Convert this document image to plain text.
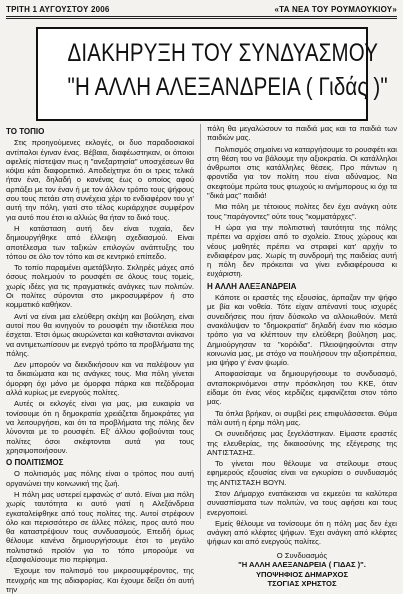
ΤΡΙΤΗ 1 ΑΥΓΟΥΣΤΟΥ 2006	«ΤΑ ΝΕΑ ΤΟΥ ΡΟΥΜΛΟΥΚΙΟΥ»
ΔΙΑΚΗΡΥΞΗ ΤΟΥ ΣΥΝΔΥΑΣΜΟΥ
"Η ΑΛΛΗ ΑΛΕΞΑΝΔΡΕΙΑ ( Γιδάς )"
ΤΟ ΤΟΠΙΟ

Στις προηγούμενες εκλογές, οι δυο παραδοσιακοί αντίπαλοι έγιναν ένας. Βέβαια, διαφέωστηκαν, οι όποιοι αφελείς πίστεψαν πως η "ανεξαρτησία" υποσχέσεων θα κόψει κάτι διαφορετικό. Αποδείχτηκε ότι οι τρεις τελικά ήταν ένα, δηλαδή ο κανένας έως ο οποίος αφού αρπάξει με τον έναν ή με τον άλλον τρόπο τους ψήφους σου τους πετάει στη συνέχεια χέρι το ενδιαφέρον του γι' αυτή την πόλη, γιατί στο τέλος κυριάρχησε συμφέρον για αυτό που έτσι κι αλλιώς θα ήταν το δικό τους.

Η κατάσταση αυτή δεν είναι τυχαία, δεν δημιουργήθηκε από έλλειψη σχεδιασμού. Είναι αποτέλεσμα των ταξικών επιλογών ανάπτυξης του τόπου σε όλο τον τόπο και σε κεντρικό επίπεδο.

Το τοπίο παραμένει αμετάβλητο. Σκληρές μάχες από όσους πολεμούν το ρουσφέτι σε όλους τους τομείς, χωρίς ιδέες για τις πραγματικές ανάγκες των πολιτών. Οι πολίτες σύρονται στο μικροσυμφέρον ή στο κομματικό καθήκον.

Αντί να είναι μια ελεύθερη σκέψη και βούληση, είναι αυτοί που θα κινηγούν το ρουσφέτι την ιδιοτέλεια που έσχεται. Έτσι όμως ακυρώνεται και καθιστανται ανίκανοι να αντιμετωπίσουν με ενεργό τρόπο τα προβλήματα της πόλης.

Δεν μπορούν να διεκδικήσουν και να παλέψουν για τα δικαιώματα και τις ανάγκες τους. Μια πόλη γίνεται όμορφη όχι μόνο με όμορφα πάρκα και πεζόδρομια αλλά κυρίως με ενεργούς πολίτες.

Αυτές οι εκλογές είναι για μας, μια ευκαιρία να τονίσουμε ότι η δημοκρατία χρειάζεται δημοκράτες για να λειτουργήσει, και ότι τα προβλήματα της πόλης δεν λύνονται με το ρουσφέτι. Εξ' άλλου φοβούνται τους πολίτες όσοι σκέφτονται αυτά για τους χρησιμοποιήσουν.

Ο ΠΟΛΙΤΙΣΜΟΣ

Ο πολιτισμός μας πόλης είναι ο τρόπος που αυτή οργανώνει την κοινωνική της ζωή.

Η πόλη μας υστερεί εμφανώς σ' αυτό. Είναι μια πόλη χωρίς ταυτότητα κι αυτό γιατί η Αλεξάνδρεια εγκαταλείφθηκε από τους πολίτες της. Αυτοί στρέφουν όλο και περισσότερο σε άλλες πόλεις, προς αυτό που θα καταστρέψουν τους συνδυασμούς. Επειδή όμως θέλουμε κανένα δημιουργήσουμε έτσι το μεγάλο πολιτιστικό προϊόν για το τόπο μπορούμε να εξασφαλίσουμε πιο περίφημα.

Έχουμε τον πολιτισμό του μικροσυμφέροντος, της πενιχρής και της αδιαφορίας. Και έχουμε δείξει ότι αυτή την

πόλη θα μεγαλώσουν τα παιδιά μας και τα παιδιά των παιδιών μας.

Πολιτισμός σημαίνει να καταργήσουμε το ρουσφέτι και στη θέση του να βάλουμε την αξιοκρατία. Οι κατάλληλοι άνθρωποι στις κατάλληλες θέσεις. Προ πάντων η φροντίδα για τον πολίτη που είναι αδύναμος. Να σκεφτούμε πρώτα τους φτωχούς κι ανήμπορους κι όχι τα "δικά μας" παιδιά!

Μια πόλη με τέτοιους πολίτες δεν έχει ανάγκη ούτε τους "παράγοντες" ούτε τους "κομματάρχες".

Η ώρα για την πολιτιστική ταυτότητα της πόλης πρέπει να αρχίσει από το σχολείο. Στους χώρους και νέους μαθητές πρέπει να στραφεί κατ' αρχήν το ενδιαφέρον μας. Χωρίς τη συνδρομή της παιδείας αυτή η πόλη δεν πρόκειται να γίνει ενδιαφέρουσα κι ευχάριστη.

Η ΑΛΛΗ ΑΛΕΞΑΝΔΡΕΙΑ

Κάποτε οι εραστές της εξουσίας, άρπαζαν την ψήφο με βία και νοθεία. Τότε είχαν απέναντί τους ισχυρές συνειδήσεις που ήταν δύσκολο να αλλοιωθούν. Μετά ανακάλυψαν το "δημοκρατία" δηλαδή έναν πιο κόσμιο τρόπο για να κλέπτουν την ελεύθερη βούληση μας. Δημιούργησαν τα "κορόιδα". Πλειοψηφούνται στην κοινωνία μας, με στόχο να πουλήσουν την αξιοπρέπεια, μια ψήφο γ' έναν ψωμίο.

Αποφασίσαμε να δημιουργήσουμε το συνδυασμό, ανταποκρινόμενοι στην πρόσκληση του ΚΚΕ, όταν είδαμε ότι ένας νέος κερδίζεις εμφανίζεται στον τόπο μας.

Τα όπλα βρήκαν, οι συμβεί ρεις επιφυλάσσεται. Θύμα πάλι αυτή η έρημ πόλη μας.

Οι συνειδήσεις μας ξεγελάστηκαν. Είμαστε εραστές της ελευθερίας, της δικαιοσύνης της εξέγερσης της ΑΝΤΙΣΤΑΣΗΣ.

Το γίνεται που θέλουμε να στείλουμε στους εφημερούς εξουσίας είναι να εγκυρίσει ο συνδυασμός της ΑΝΤΙΣΤΑΣΗ ΒΟΥΝ.

Στον Δήμαρχο ενατάκεισαι να εκμεεύει τα καλύτερα συνασπίσματα των πολιτών, να τους αφήσει και τους ενεργοποιεί.

Εμείς θέλουμε να τονίσουμε ότι η πόλη μας δεν έχει ανάγκη από κλέφτες ψήφων. Έχει ανάγκη από κλέφτες ψήφων και από ενεργούς πολίτες.

Ο Συνδυασμός
"Η ΑΛΛΗ ΑΛΕΞΑΝΔΡΕΙΑ ( ΓΙΔΑΣ )".
ΥΠΟΨΗΦΙΟΣ ΔΗΜΑΡΧΟΣ
ΤΣΟΓΙΑΣ ΧΡΗΣΤΟΣ
